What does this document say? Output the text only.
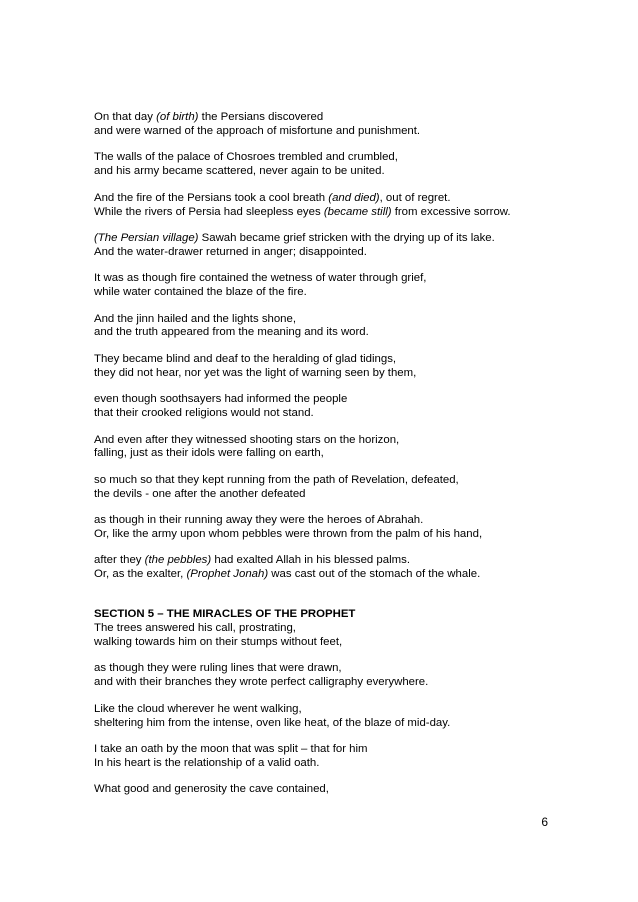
On that day (of birth) the Persians discovered
and were warned of the approach of misfortune and punishment.
The walls of the palace of Chosroes trembled and crumbled,
and his army became scattered, never again to be united.
And the fire of the Persians took a cool breath (and died), out of regret.
While the rivers of Persia had sleepless eyes (became still) from excessive sorrow.
(The Persian village) Sawah became grief stricken with the drying up of its lake.
And the water-drawer returned in anger; disappointed.
It was as though fire contained the wetness of water through grief,
while water contained the blaze of the fire.
And the jinn hailed and the lights shone,
and the truth appeared from the meaning and its word.
They became blind and deaf to the heralding of glad tidings,
they did not hear, nor yet was the light of warning seen by them,
even though soothsayers had informed the people
that their crooked religions would not stand.
And even after they witnessed shooting stars on the horizon,
falling, just as their idols were falling on earth,
so much so that they kept running from the path of Revelation, defeated,
the devils - one after the another defeated
as though in their running away they were the heroes of Abrahah.
Or, like the army upon whom pebbles were thrown from the palm of his hand,
after they (the pebbles) had exalted Allah in his blessed palms.
Or, as the exalter, (Prophet Jonah) was cast out of the stomach of the whale.
SECTION 5 – THE MIRACLES OF THE PROPHET
The trees answered his call, prostrating,
walking towards him on their stumps without feet,
as though they were ruling lines that were drawn,
and with their branches they wrote perfect calligraphy everywhere.
Like the cloud wherever he went walking,
sheltering him from the intense, oven like heat, of the blaze of mid-day.
I take an oath by the moon that was split – that for him
In his heart is the relationship of a valid oath.
What good and generosity the cave contained,
6
